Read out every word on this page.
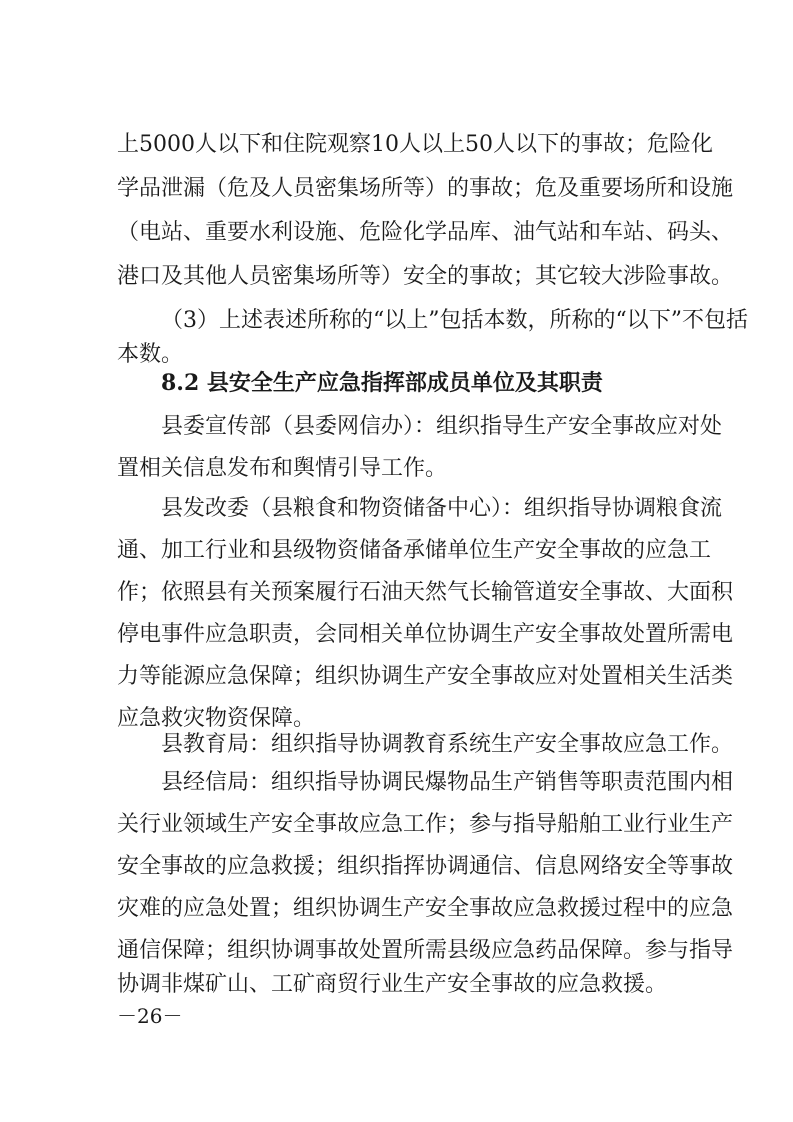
上5000人以下和住院观察10人以上50人以下的事故；危险化
学品泄漏（危及人员密集场所等）的事故；危及重要场所和设施
（电站、重要水利设施、危险化学品库、油气站和车站、码头、
港口及其他人员密集场所等）安全的事故；其它较大涉险事故。
（3）上述表述所称的“以上”包括本数，所称的“以下”不包括
本数。
8.2 县安全生产应急指挥部成员单位及其职责
县委宣传部（县委网信办）：组织指导生产安全事故应对处
置相关信息发布和舆情引导工作。
县发改委（县粮食和物资储备中心）：组织指导协调粮食流
通、加工行业和县级物资储备承储单位生产安全事故的应急工
作；依照县有关预案履行石油天然气长输管道安全事故、大面积
停电事件应急职责，会同相关单位协调生产安全事故处置所需电
力等能源应急保障；组织协调生产安全事故应对处置相关生活类
应急救灾物资保障。
县教育局：组织指导协调教育系统生产安全事故应急工作。
县经信局：组织指导协调民爆物品生产销售等职责范围内相
关行业领域生产安全事故应急工作；参与指导船舶工业行业生产
安全事故的应急救援；组织指挥协调通信、信息网络安全等事故
灾难的应急处置；组织协调生产安全事故应急救援过程中的应急
通信保障；组织协调事故处置所需县级应急药品保障。参与指导
协调非煤矿山、工矿商贸行业生产安全事故的应急救援。
－26－
